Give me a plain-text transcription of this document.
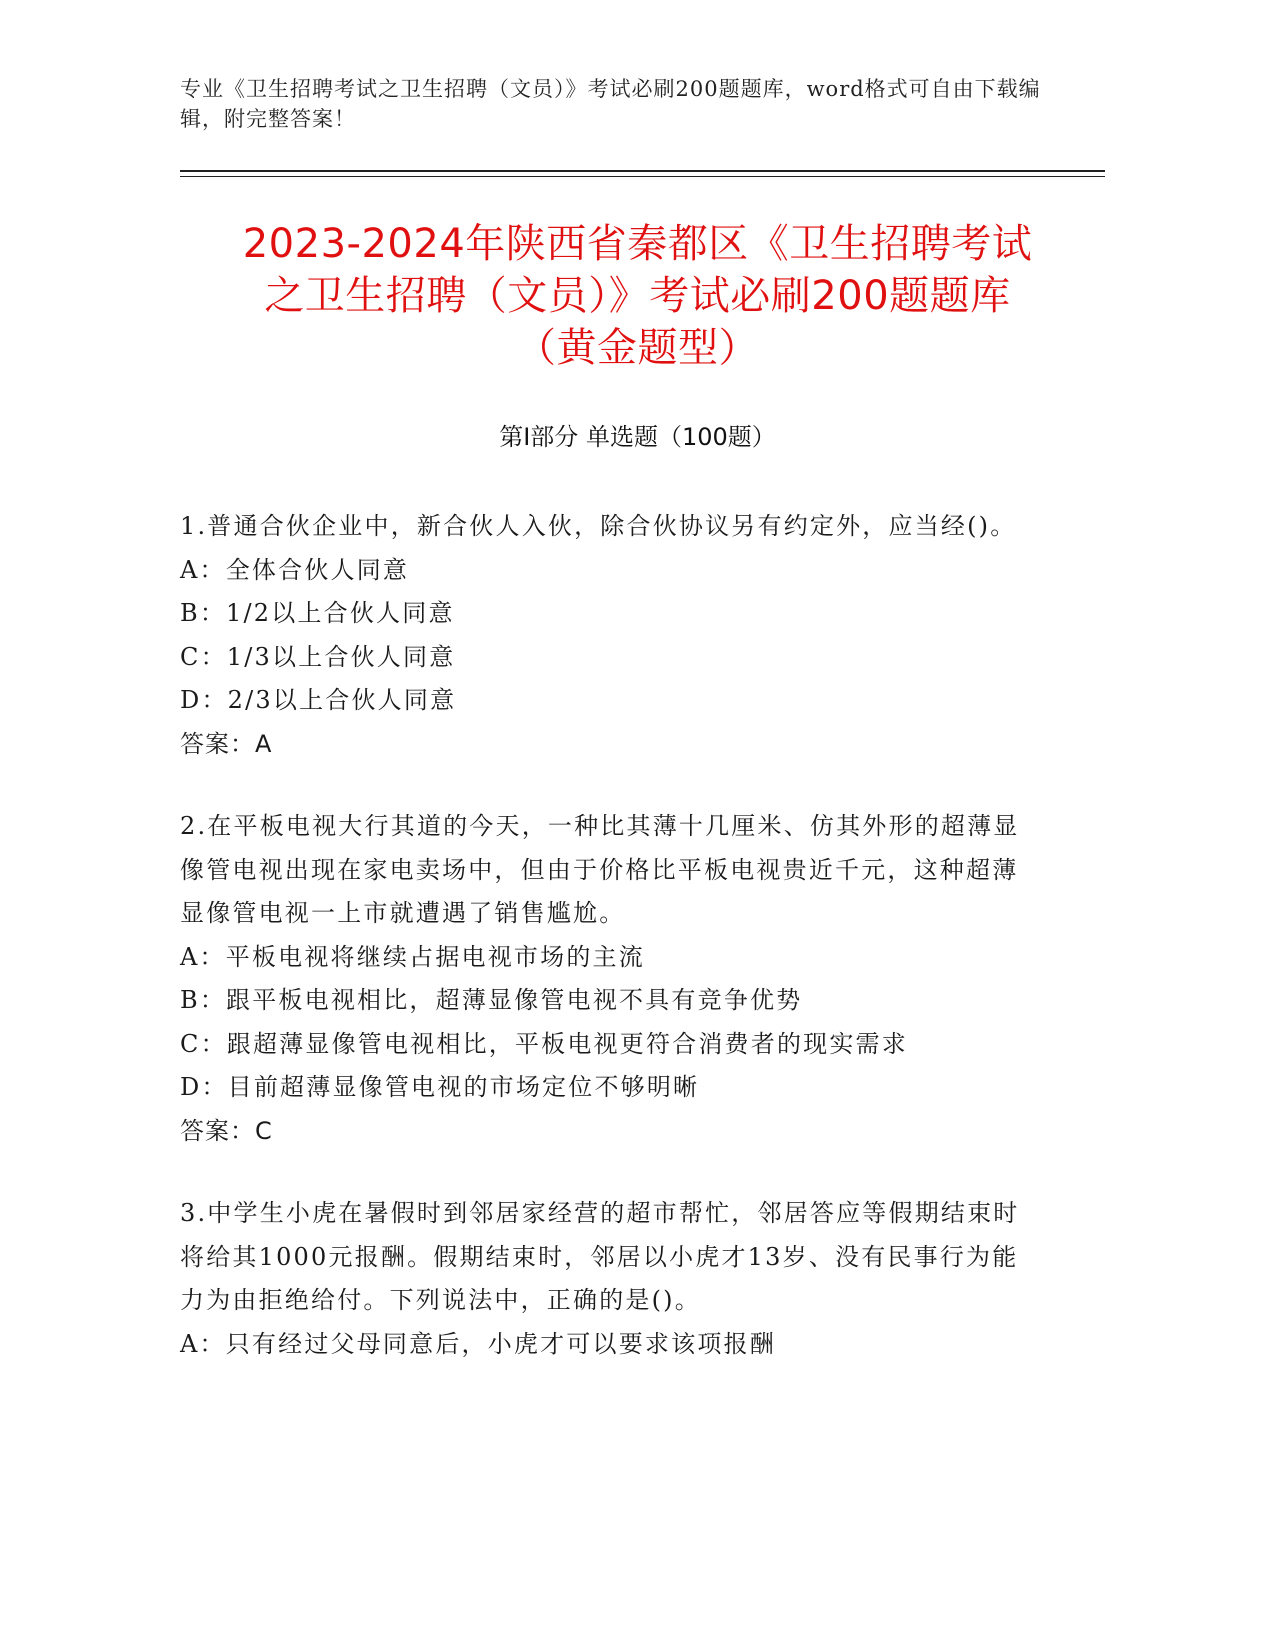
专业《卫生招聘考试之卫生招聘（文员）》考试必刷200题题库，word格式可自由下载编辑，附完整答案！
2023-2024年陕西省秦都区《卫生招聘考试
之卫生招聘（文员）》考试必刷200题题库
（黄金题型）
第Ⅰ部分 单选题（100题）

1.普通合伙企业中，新合伙人入伙，除合伙协议另有约定外，应当经()。

A：全体合伙人同意

B：1/2以上合伙人同意

C：1/3以上合伙人同意

D：2/3以上合伙人同意

答案：A

2.在平板电视大行其道的今天，一种比其薄十几厘米、仿其外形的超薄显像管电视出现在家电卖场中，但由于价格比平板电视贵近千元，这种超薄显像管电视一上市就遭遇了销售尴尬。

A：平板电视将继续占据电视市场的主流

B：跟平板电视相比，超薄显像管电视不具有竞争优势

C：跟超薄显像管电视相比，平板电视更符合消费者的现实需求

D：目前超薄显像管电视的市场定位不够明晰

答案：C

3.中学生小虎在暑假时到邻居家经营的超市帮忙，邻居答应等假期结束时将给其1000元报酬。假期结束时，邻居以小虎才13岁、没有民事行为能力为由拒绝给付。下列说法中，正确的是()。

A：只有经过父母同意后，小虎才可以要求该项报酬
